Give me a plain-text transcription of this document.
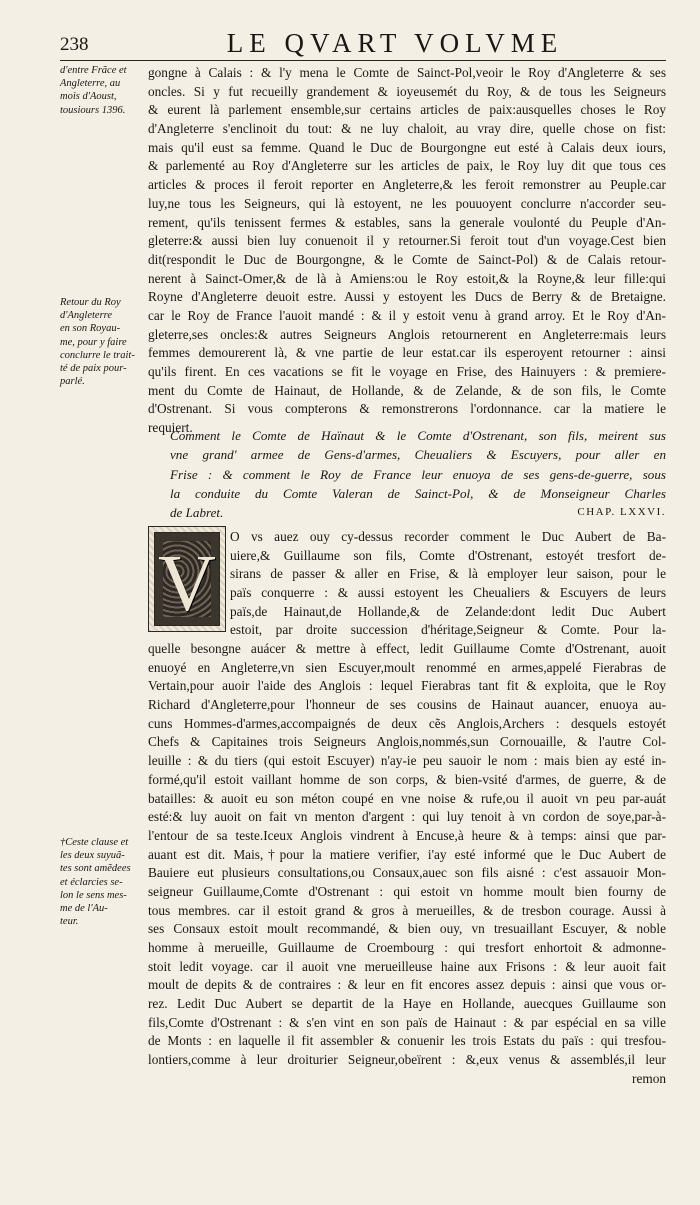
238	LE QVART VOLVME
d'entre Frãce et
Angleterre, au
mois d'Aoust,
tousiours 1396.
Retour du Roy
d'Angleterre
en son Royau-
me, pour y faire
conclurre le trait-
té de paix pour-
parlé.
†Ceste clause et
les deux suyuã-
tes sont amẽdees
et éclarcies se-
lon le sens mes-
me de l'Au-
teur.
gongne à Calais : & l'y mena le Comte de Sainct-Pol,veoir le Roy d'Angleterre & ses
oncles. Si y fut recueilly grandement & ioyeusemét du Roy, & de tous les Seigneurs
& eurent là parlement ensemble,sur certains articles de paix:ausquelles choses le Roy
d'Angleterre s'enclinoit du tout: & ne luy chaloit, au vray dire, quelle chose on fist:
mais qu'il eust sa femme. Quand le Duc de Bourgongne eut esté à Calais deux iours,
& parlementé au Roy d'Angleterre sur les articles de paix, le Roy luy dit que tous ces
articles & proces il feroit reporter en Angleterre,& les feroit remonstrer au Peuple.car
luy,ne tous les Seigneurs, qui là estoyent, ne les pouuoyent conclurre n'accorder seu-
rement, qu'ils tenissent fermes & estables, sans la generale voulonté du Peuple d'An-
gleterre:& aussi bien luy conuenoit il y retourner.Si feroit tout d'un voyage.Cest bien
dit(respondit le Duc de Bourgongne, & le Comte de Sainct-Pol) & de Calais retour-
nerent à Sainct-Omer,& de là à Amiens:ou le Roy estoit,& la Royne,& leur fille:qui
Royne d'Angleterre deuoit estre. Aussi y estoyent les Ducs de Berry & de Bretaigne.
car le Roy de France l'auoit mandé : & il y estoit venu à grand arroy. Et le Roy d'An-
gleterre,ses oncles:& autres Seigneurs Anglois retournerent en Angleterre:mais leurs
femmes demourerent là, & vne partie de leur estat.car ils esperoyent retourner : ainsi
qu'ils firent. En ces vacations se fit le voyage en Frise, des Hainuyers : & premiere-
ment du Comte de Hainaut, de Hollande, & de Zelande, & de son fils, le Comte
d'Ostrenant. Si vous compterons & remonstrerons l'ordonnance. car la matiere le
requiert.
Comment le Comte de Haïnaut & le Comte d'Ostrenant, son fils, meirent sus
vne grand' armee de Gens-d'armes, Cheualiers & Escuyers, pour aller en
Frise : & comment le Roy de France leur enuoya de ses gens-de-guerre, sous
la conduite du Comte Valeran de Sainct-Pol, & de Monseigneur Charles
de Labret.	CHAP. LXXVI.
V
O vs auez ouy cy-dessus recorder comment le Duc Aubert de Ba-
uiere,& Guillaume son fils, Comte d'Ostrenant, estoyét tresfort de-
sirans de passer & aller en Frise, & là employer leur saison, pour le
païs conquerre : & aussi estoyent les Cheualiers & Escuyers de leurs
païs,de Hainaut,de Hollande,& de Zelande:dont ledit Duc Aubert
estoit, par droite succession d'héritage,Seigneur & Comte. Pour la-
quelle besongne auácer & mettre à effect, ledit Guillaume Comte d'Ostrenant, auoit
enuoyé en Angleterre,vn sien Escuyer,moult renommé en armes,appelé Fierabras de
Vertain,pour auoir l'aide des Anglois : lequel Fierabras tant fit & exploita, que le Roy
Richard d'Angleterre,pour l'honneur de ses cousins de Hainaut auancer, enuoya au-
cuns Hommes-d'armes,accompaignés de deux cẽs Anglois,Archers : desquels estoyét
Chefs & Capitaines trois Seigneurs Anglois,nommés,sun Cornouaille, & l'autre Col-
leuille : & du tiers (qui estoit Escuyer) n'ay-ie peu sauoir le nom : mais bien ay esté in-
formé,qu'il estoit vaillant homme de son corps, & bien-vsité d'armes, de guerre, & de
batailles: & auoit eu son méton coupé en vne noise & rufe,ou il auoit vn peu par-auát
esté:& luy auoit on fait vn menton d'argent : qui luy tenoit à vn cordon de soye,par-à-
l'entour de sa teste.Iceux Anglois vindrent à Encuse,à heure & à temps: ainsi que par-
auant est dit. Mais,†pour la matiere verifier, i'ay esté informé que le Duc Aubert de
Bauiere eut plusieurs consultations,ou Consaux,auec son fils aisné : c'est assauoir Mon-
seigneur Guillaume,Comte d'Ostrenant : qui estoit vn homme moult bien fourny de
tous membres. car il estoit grand & gros à merueilles, & de tresbon courage. Aussi à
ses Consaux estoit moult recommandé, & bien ouy, vn tresuaillant Escuyer, & noble
homme à merueille, Guillaume de Croembourg : qui tresfort enhortoit & admonne-
stoit ledit voyage. car il auoit vne merueilleuse haine aux Frisons : & leur auoit fait
moult de depits & de contraires : & leur en fit encores assez depuis : ainsi que vous or-
rez. Ledit Duc Aubert se departit de la Haye en Hollande, auecques Guillaume son
fils,Comte d'Ostrenant : & s'en vint en son païs de Hainaut : & par espécial en sa ville
de Monts : en laquelle il fit assembler & conuenir les trois Estats du païs : qui tresfou-
lontiers,comme à leur droiturier Seigneur,obeïrent : &,eux venus & assemblés,il leur
remon
